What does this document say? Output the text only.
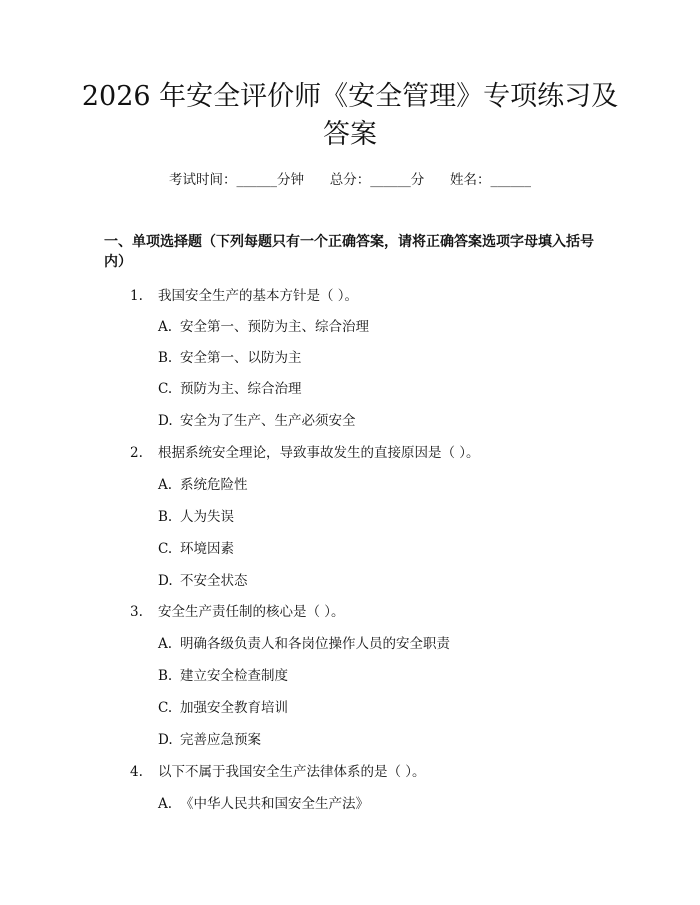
2026 年安全评价师《安全管理》专项练习及
答案
考试时间：______分钟 总分：______分 姓名：______
一、单项选择题（下列每题只有一个正确答案，请将正确答案选项字母填入括号内）
1. 我国安全生产的基本方针是（ ）。
A. 安全第一、预防为主、综合治理
B. 安全第一、以防为主
C. 预防为主、综合治理
D. 安全为了生产、生产必须安全
2. 根据系统安全理论，导致事故发生的直接原因是（ ）。
A. 系统危险性
B. 人为失误
C. 环境因素
D. 不安全状态
3. 安全生产责任制的核心是（ ）。
A. 明确各级负责人和各岗位操作人员的安全职责
B. 建立安全检查制度
C. 加强安全教育培训
D. 完善应急预案
4. 以下不属于我国安全生产法律体系的是（ ）。
A. 《中华人民共和国安全生产法》
